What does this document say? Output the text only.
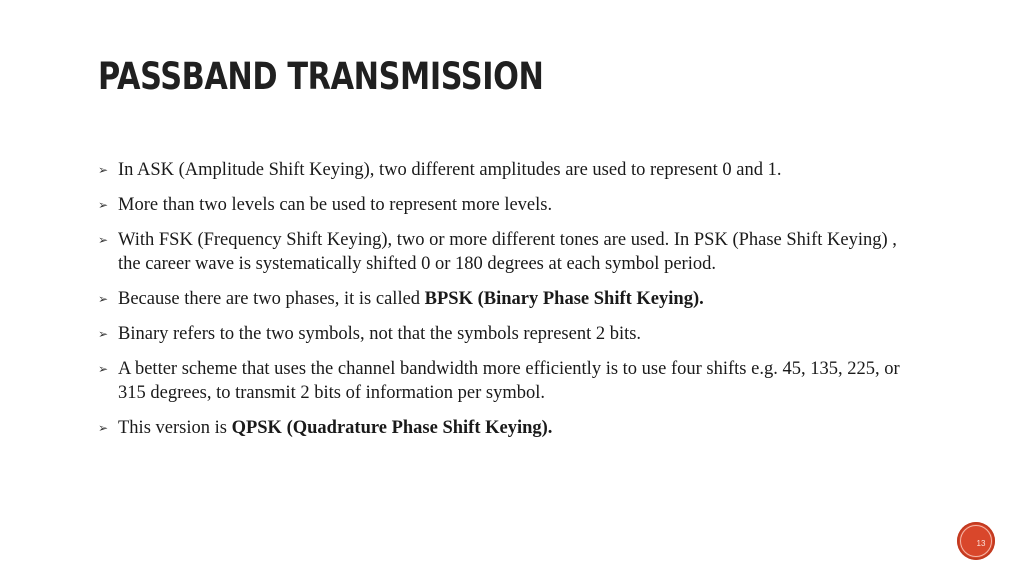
PASSBAND TRANSMISSION
➢ In ASK (Amplitude Shift Keying), two different amplitudes are used to represent 0 and 1.
➢ More than two levels can be used to represent more levels.
➢ With FSK (Frequency Shift Keying), two or more different tones are used. In PSK (Phase Shift Keying) , the career wave is systematically shifted 0 or 180 degrees at each symbol period.
➢ Because there are two phases, it is called BPSK (Binary Phase Shift Keying).
➢ Binary refers to the two symbols, not that the symbols represent 2 bits.
➢ A better scheme that uses the channel bandwidth more efficiently is to use four shifts e.g. 45, 135, 225, or 315 degrees, to transmit 2 bits of information per symbol.
➢ This version is QPSK (Quadrature Phase Shift Keying).
13
